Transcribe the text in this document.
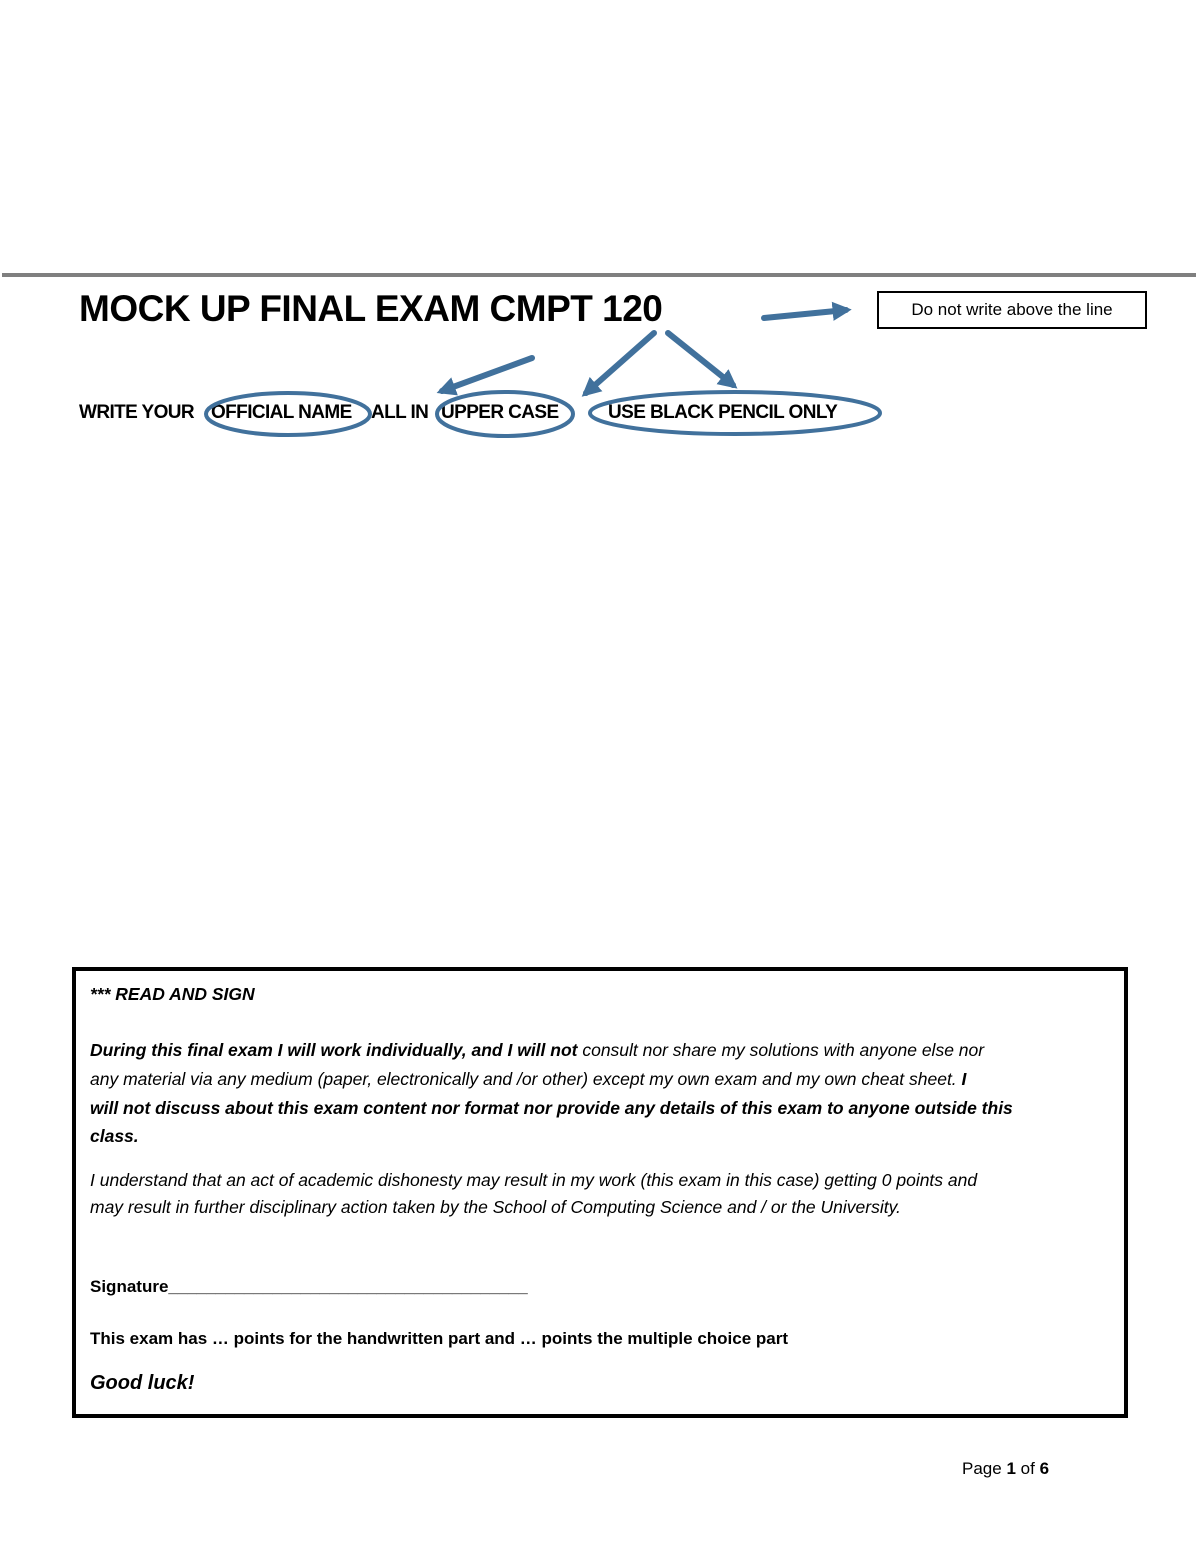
MOCK UP FINAL EXAM CMPT 120	Do not write above the line
WRITE YOUR OFFICIAL NAME ALL IN UPPER CASE	USE BLACK PENCIL ONLY

*** READ AND SIGN

During this final exam I will work individually, and I will not consult nor share my solutions with anyone else nor

any material via any medium (paper, electronically and /or other) except my own exam and my own cheat sheet. I

will not discuss about this exam content nor format nor provide any details of this exam to anyone outside this

class.

I understand that an act of academic dishonesty may result in my work (this exam in this case) getting 0 points and

may result in further disciplinary action taken by the School of Computing Science and / or the University.

Signature______________________________________

This exam has … points for the handwritten part and … points the multiple choice part

Good luck!

Page 1 of 6
